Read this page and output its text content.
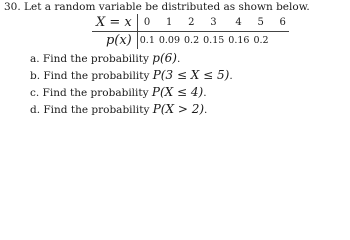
30. Let a random variable be distributed as shown below.
X = x	0	1	2	3	4	5	6
p(x)	0.1	0.09	0.2	0.15	0.16	0.2	
a. Find the probability p(6).
b. Find the probability P(3 ≤ X ≤ 5).
c. Find the probability P(X ≤ 4).
d. Find the probability P(X > 2).
